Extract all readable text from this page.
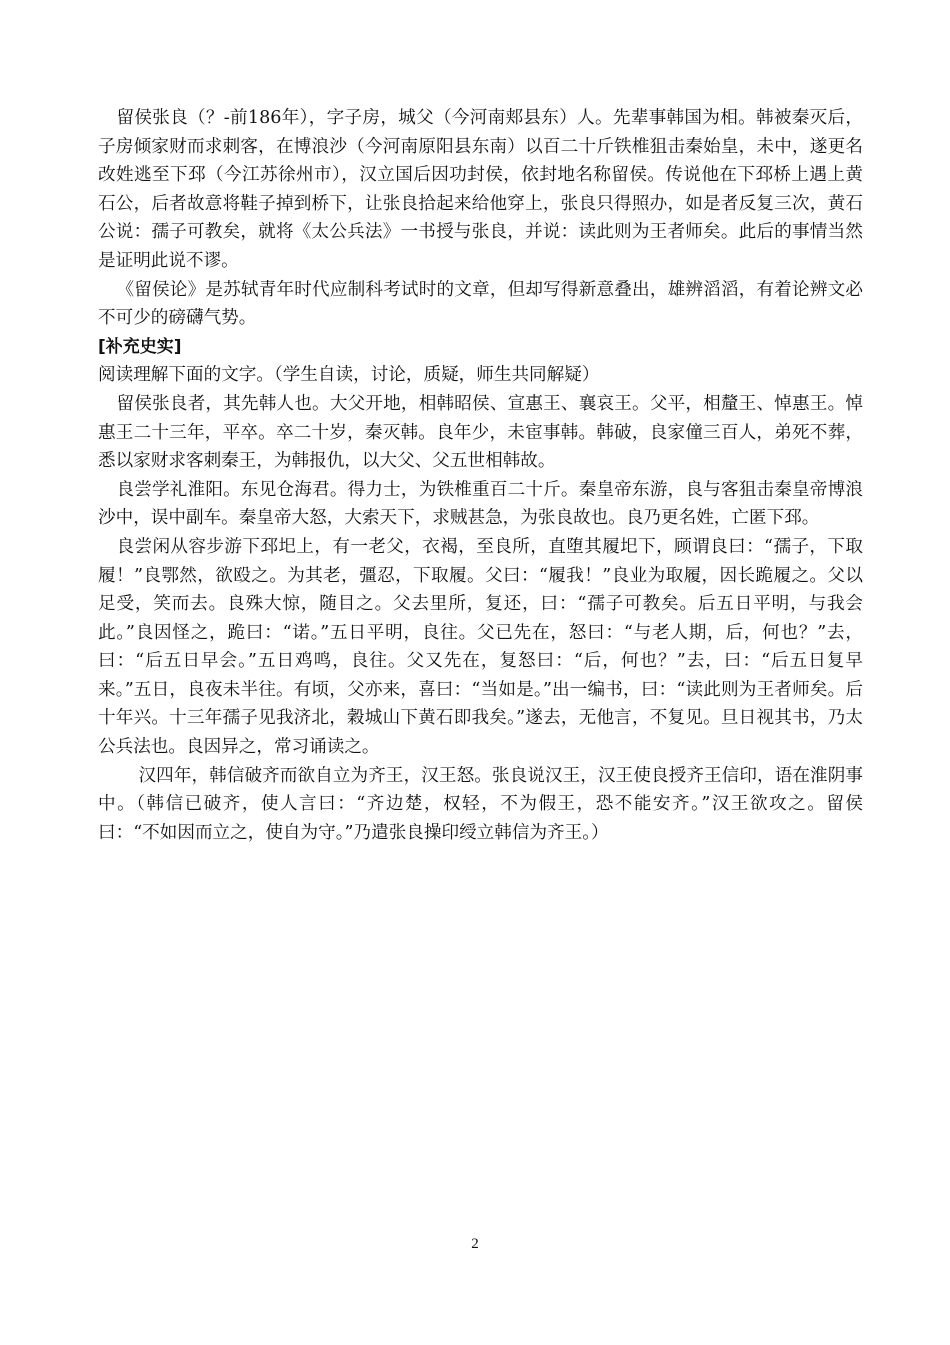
留侯张良（？-前186年），字子房，城父（今河南郏县东）人。先辈事韩国为相。韩被秦灭后，子房倾家财而求刺客，在博浪沙（今河南原阳县东南）以百二十斤铁椎狙击秦始皇，未中，遂更名改姓逃至下邳（今江苏徐州市），汉立国后因功封侯，依封地名称留侯。传说他在下邳桥上遇上黄石公，后者故意将鞋子掉到桥下，让张良拾起来给他穿上，张良只得照办，如是者反复三次，黄石公说：孺子可教矣，就将《太公兵法》一书授与张良，并说：读此则为王者师矣。此后的事情当然是证明此说不谬。

《留侯论》是苏轼青年时代应制科考试时的文章，但却写得新意叠出，雄辨滔滔，有着论辨文必不可少的磅礴气势。

[补充史实]

阅读理解下面的文字。（学生自读，讨论，质疑，师生共同解疑）

留侯张良者，其先韩人也。大父开地，相韩昭侯、宣惠王、襄哀王。父平，相釐王、悼惠王。悼惠王二十三年，平卒。卒二十岁，秦灭韩。良年少，未宦事韩。韩破，良家僮三百人，弟死不葬，悉以家财求客刺秦王，为韩报仇，以大父、父五世相韩故。

良尝学礼淮阳。东见仓海君。得力士，为铁椎重百二十斤。秦皇帝东游，良与客狙击秦皇帝博浪沙中，误中副车。秦皇帝大怒，大索天下，求贼甚急，为张良故也。良乃更名姓，亡匿下邳。

良尝闲从容步游下邳圯上，有一老父，衣褐，至良所，直堕其履圯下，顾谓良曰：“孺子，下取履！”良鄂然，欲殴之。为其老，彊忍，下取履。父曰：“履我！”良业为取履，因长跪履之。父以足受，笑而去。良殊大惊，随目之。父去里所，复还，曰：“孺子可教矣。后五日平明，与我会此。”良因怪之，跪曰：“诺。”五日平明，良往。父已先在，怒曰：“与老人期，后，何也？”去，曰：“后五日早会。”五日鸡鸣，良往。父又先在，复怒曰：“后，何也？”去，曰：“后五日复早来。”五日，良夜未半往。有顷，父亦来，喜曰：“当如是。”出一编书，曰：“读此则为王者师矣。后十年兴。十三年孺子见我济北，穀城山下黄石即我矣。”遂去，无他言，不复见。旦日视其书，乃太公兵法也。良因异之，常习诵读之。

汉四年，韩信破齐而欲自立为齐王，汉王怒。张良说汉王，汉王使良授齐王信印，语在淮阴事中。（韩信已破齐，使人言曰：“齐边楚，权轻，不为假王，恐不能安齐。”汉王欲攻之。留侯曰：“不如因而立之，使自为守。”乃遣张良操印绶立韩信为齐王。）

2
